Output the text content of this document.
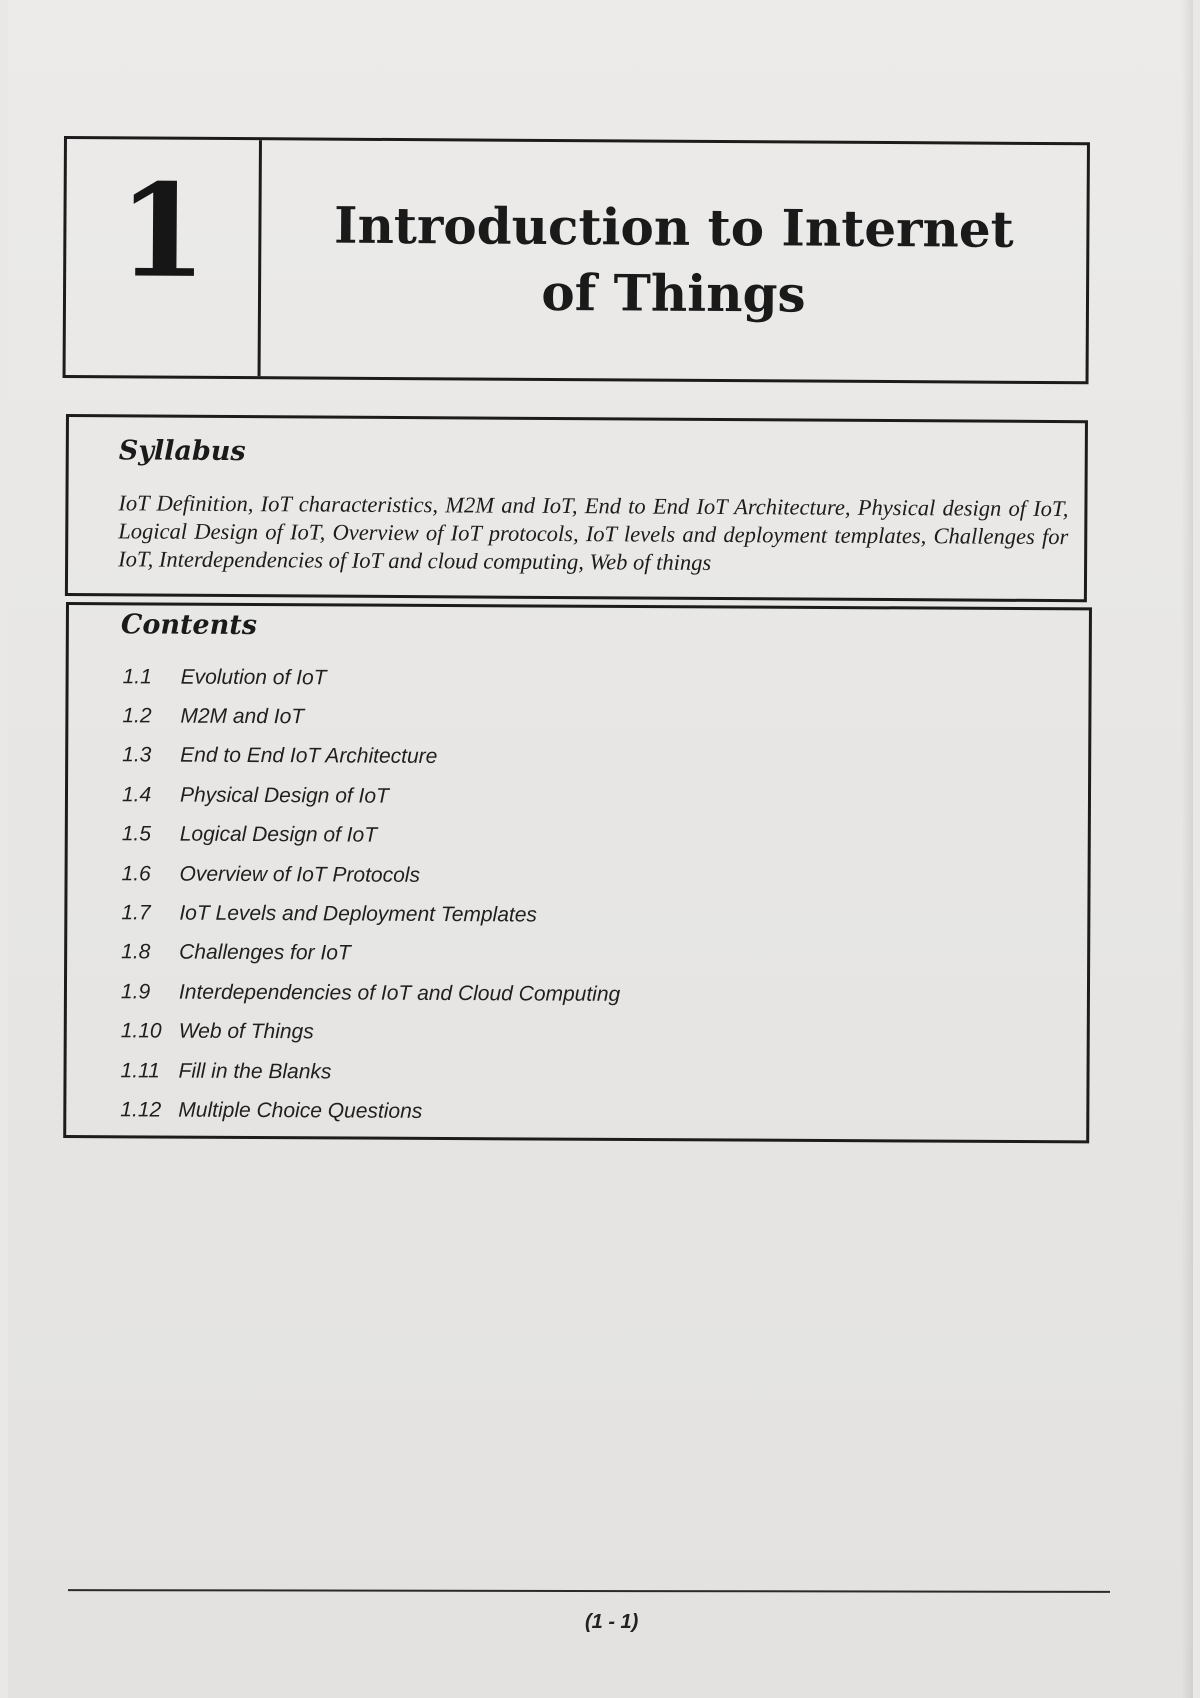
1	Introduction to Internet
of Things
Syllabus
IoT Definition, IoT characteristics, M2M and IoT, End to End IoT Architecture, Physical design of IoT, Logical Design of IoT, Overview of IoT protocols, IoT levels and deployment templates, Challenges for IoT, Interdependencies of IoT and cloud computing, Web of things
Contents
1.1	Evolution of IoT
1.2	M2M and IoT
1.3	End to End IoT Architecture
1.4	Physical Design of IoT
1.5	Logical Design of IoT
1.6	Overview of IoT Protocols
1.7	IoT Levels and Deployment Templates
1.8	Challenges for IoT
1.9	Interdependencies of IoT and Cloud Computing
1.10 Web of Things
1.11 Fill in the Blanks
1.12 Multiple Choice Questions
(1 - 1)
